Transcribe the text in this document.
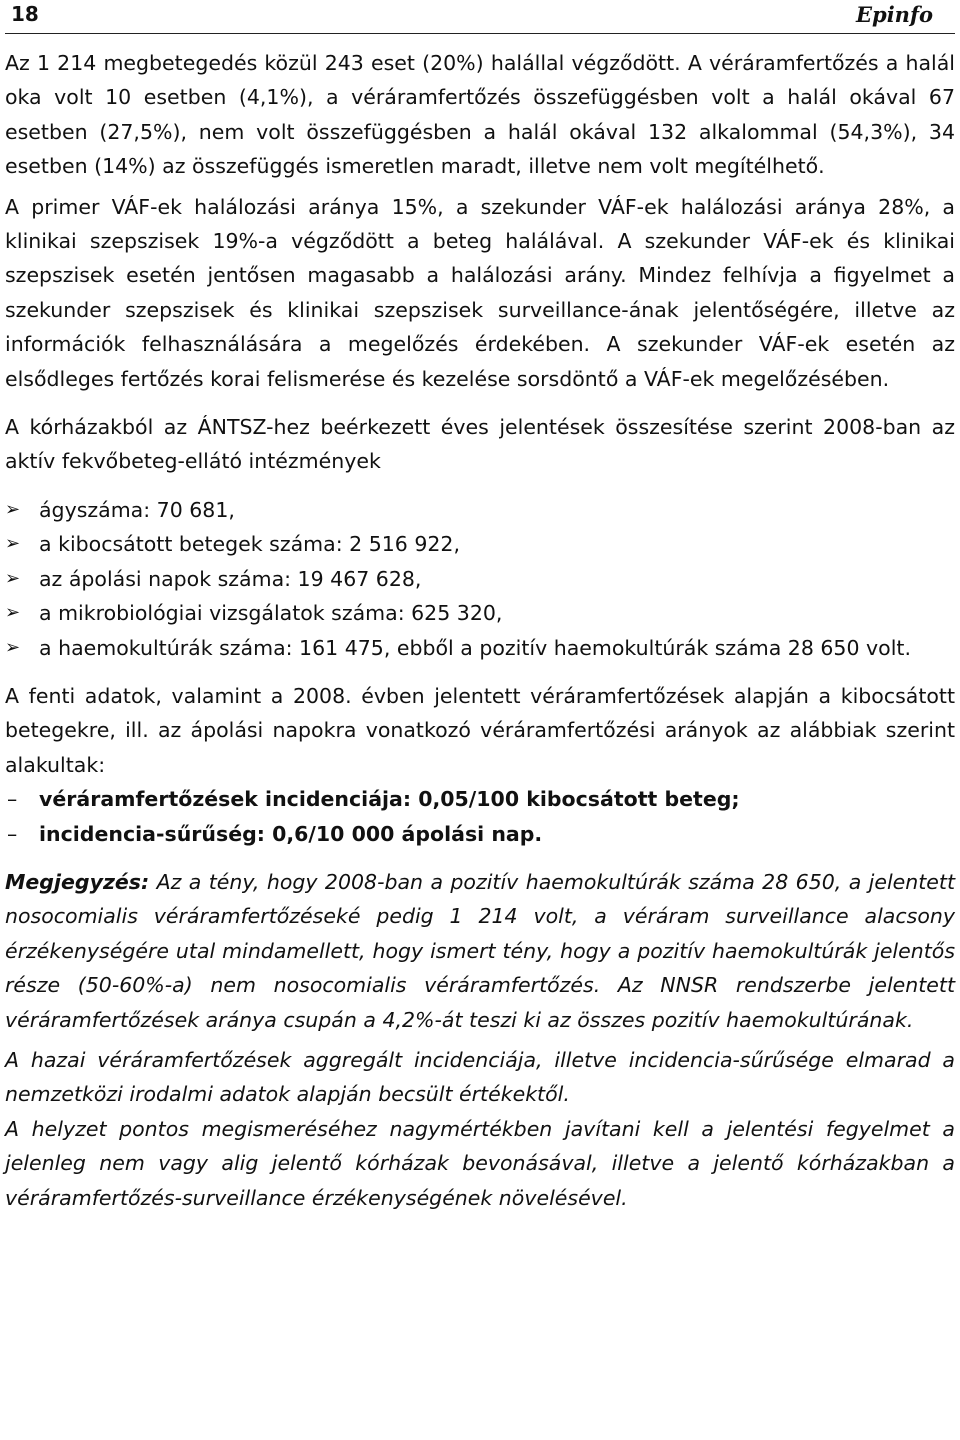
18	Epinfo

Az 1 214 megbetegedés közül 243 eset (20%) halállal végződött. A véráramfertőzés a halál oka volt 10 esetben (4,1%), a véráramfertőzés összefüggésben volt a halál okával 67 esetben (27,5%), nem volt összefüggésben a halál okával 132 alkalommal (54,3%), 34 esetben (14%) az összefüggés ismeretlen maradt, illetve nem volt megítélhető.

A primer VÁF-ek halálozási aránya 15%, a szekunder VÁF-ek halálozási aránya 28%, a klinikai szepszisek 19%-a végződött a beteg halálával. A szekunder VÁF-ek és klinikai szepszisek esetén jentősen magasabb a halálozási arány. Mindez felhívja a figyelmet a szekunder szepszisek és klinikai szepszisek surveillance-ának jelentőségére, illetve az információk felhasználására a megelőzés érdekében. A szekunder VÁF-ek esetén az elsődleges fertőzés korai felismerése és kezelése sorsdöntő a VÁF-ek megelőzésében.

A kórházakból az ÁNTSZ-hez beérkezett éves jelentések összesítése szerint 2008-ban az aktív fekvőbeteg-ellátó intézmények

➢ ágyszáma: 70 681,
➢ a kibocsátott betegek száma: 2 516 922,
➢ az ápolási napok száma: 19 467 628,
➢ a mikrobiológiai vizsgálatok száma: 625 320,
➢ a haemokultúrák száma: 161 475, ebből a pozitív haemokultúrák száma 28 650 volt.

A fenti adatok, valamint a 2008. évben jelentett véráramfertőzések alapján a kibocsátott betegekre, ill. az ápolási napokra vonatkozó véráramfertőzési arányok az alábbiak szerint alakultak:

– véráramfertőzések incidenciája: 0,05/100 kibocsátott beteg;
– incidencia-sűrűség: 0,6/10 000 ápolási nap.

Megjegyzés: Az a tény, hogy 2008-ban a pozitív haemokultúrák száma 28 650, a jelentett nosocomialis véráramfertőzéseké pedig 1 214 volt, a véráram surveillance alacsony érzékenységére utal mindamellett, hogy ismert tény, hogy a pozitív haemokultúrák jelentős része (50-60%-a) nem nosocomialis véráramfertőzés. Az NNSR rendszerbe jelentett véráramfertőzések aránya csupán a 4,2%-át teszi ki az összes pozitív haemokultúrának.

A hazai véráramfertőzések aggregált incidenciája, illetve incidencia-sűrűsége elmarad a nemzetközi irodalmi adatok alapján becsült értékektől.

A helyzet pontos megismeréséhez nagymértékben javítani kell a jelentési fegyelmet a jelenleg nem vagy alig jelentő kórházak bevonásával, illetve a jelentő kórházakban a véráramfertőzés-surveillance érzékenységének növelésével.
